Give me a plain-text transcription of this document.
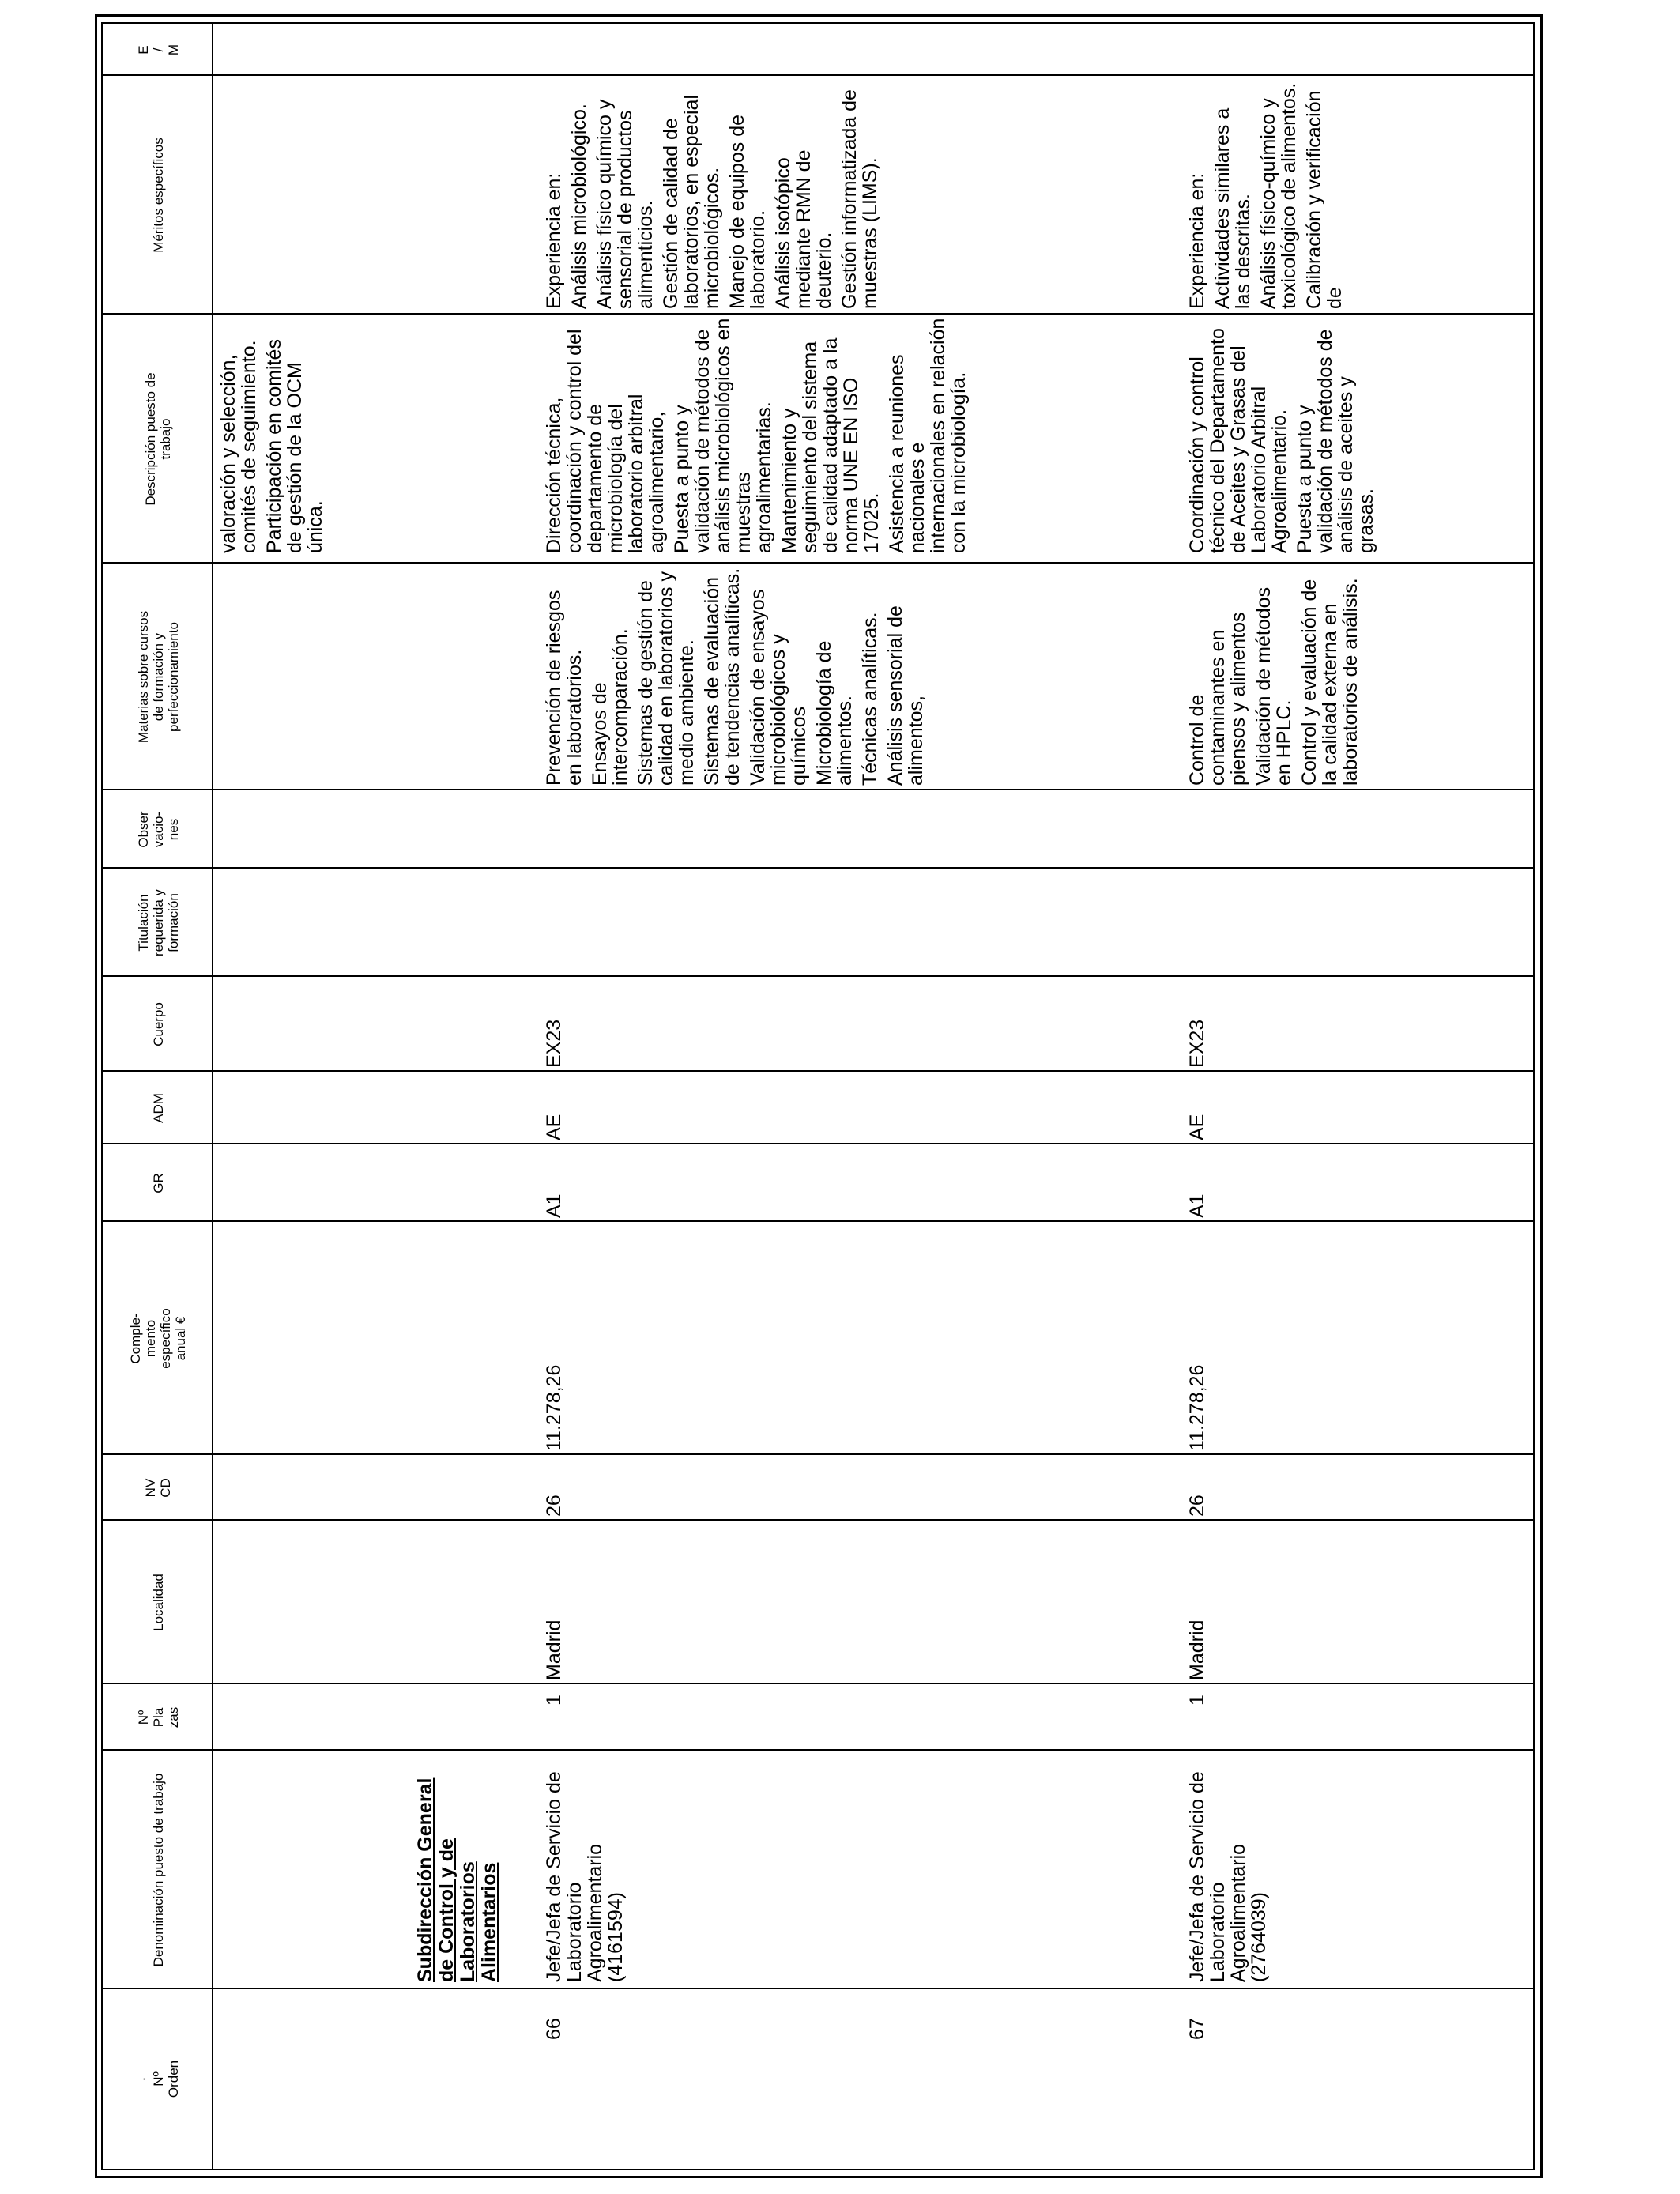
· Nº Orden
Denominación puesto de trabajo
Nº Pla zas
Localidad
NV CD
Comple- mento específico anual €
GR
ADM
Cuerpo
Titulación requerida y formación
Obser vacio- nes
Materias sobre cursos de formación y perfeccionamiento
Descripción puesto de trabajo
Méritos específicos
E / M

valoración y selección, comités de seguimiento. Participación en comités de gestión de la OCM única.

Subdirección General de Control y de Laboratorios Alimentarios
66
Jefe/Jefa de Servicio de Laboratorio Agroalimentario (4161594)
1
Madrid
26
11.278,26
A1
AE
EX23

Prevención de riesgos en laboratorios. Ensayos de intercomparación. Sistemas de gestión de calidad en laboratorios y medio ambiente. Sistemas de evaluación de tendencias analíticas. Validación de ensayos microbiológicos y químicos Microbiología de alimentos. Técnicas analíticas. Análisis sensorial de alimentos,

Dirección técnica, coordinación y control del departamento de microbiología del laboratorio arbitral agroalimentario, Puesta a punto y validación de métodos de análisis microbiológicos en muestras agroalimentarias. Mantenimiento y seguimiento del sistema de calidad adaptado a la norma UNE EN ISO 17025. Asistencia a reuniones nacionales e internacionales en relación con la microbiología.

Experiencia en: Análisis microbiológico. Análisis físico químico y sensorial de productos alimenticios. Gestión de calidad de laboratorios, en especial microbiológicos. Manejo de equipos de laboratorio. Análisis isotópico mediante RMN de deuterio. Gestión informatizada de muestras (LIMS).

67
Jefe/Jefa de Servicio de Laboratorio Agroalimentario (2764039)
1
Madrid
26
11.278,26
A1
AE
EX23

Control de contaminantes en piensos y alimentos Validación de métodos en HPLC. Control y evaluación de la calidad externa en laboratorios de análisis.

Coordinación y control técnico del Departamento de Aceites y Grasas del Laboratorio Arbitral Agroalimentario. Puesta a punto y validación de métodos de análisis de aceites y grasas.

Experiencia en: Actividades similares a las descritas. Análisis físico-químico y toxicológico de alimentos. Calibración y verificación de
